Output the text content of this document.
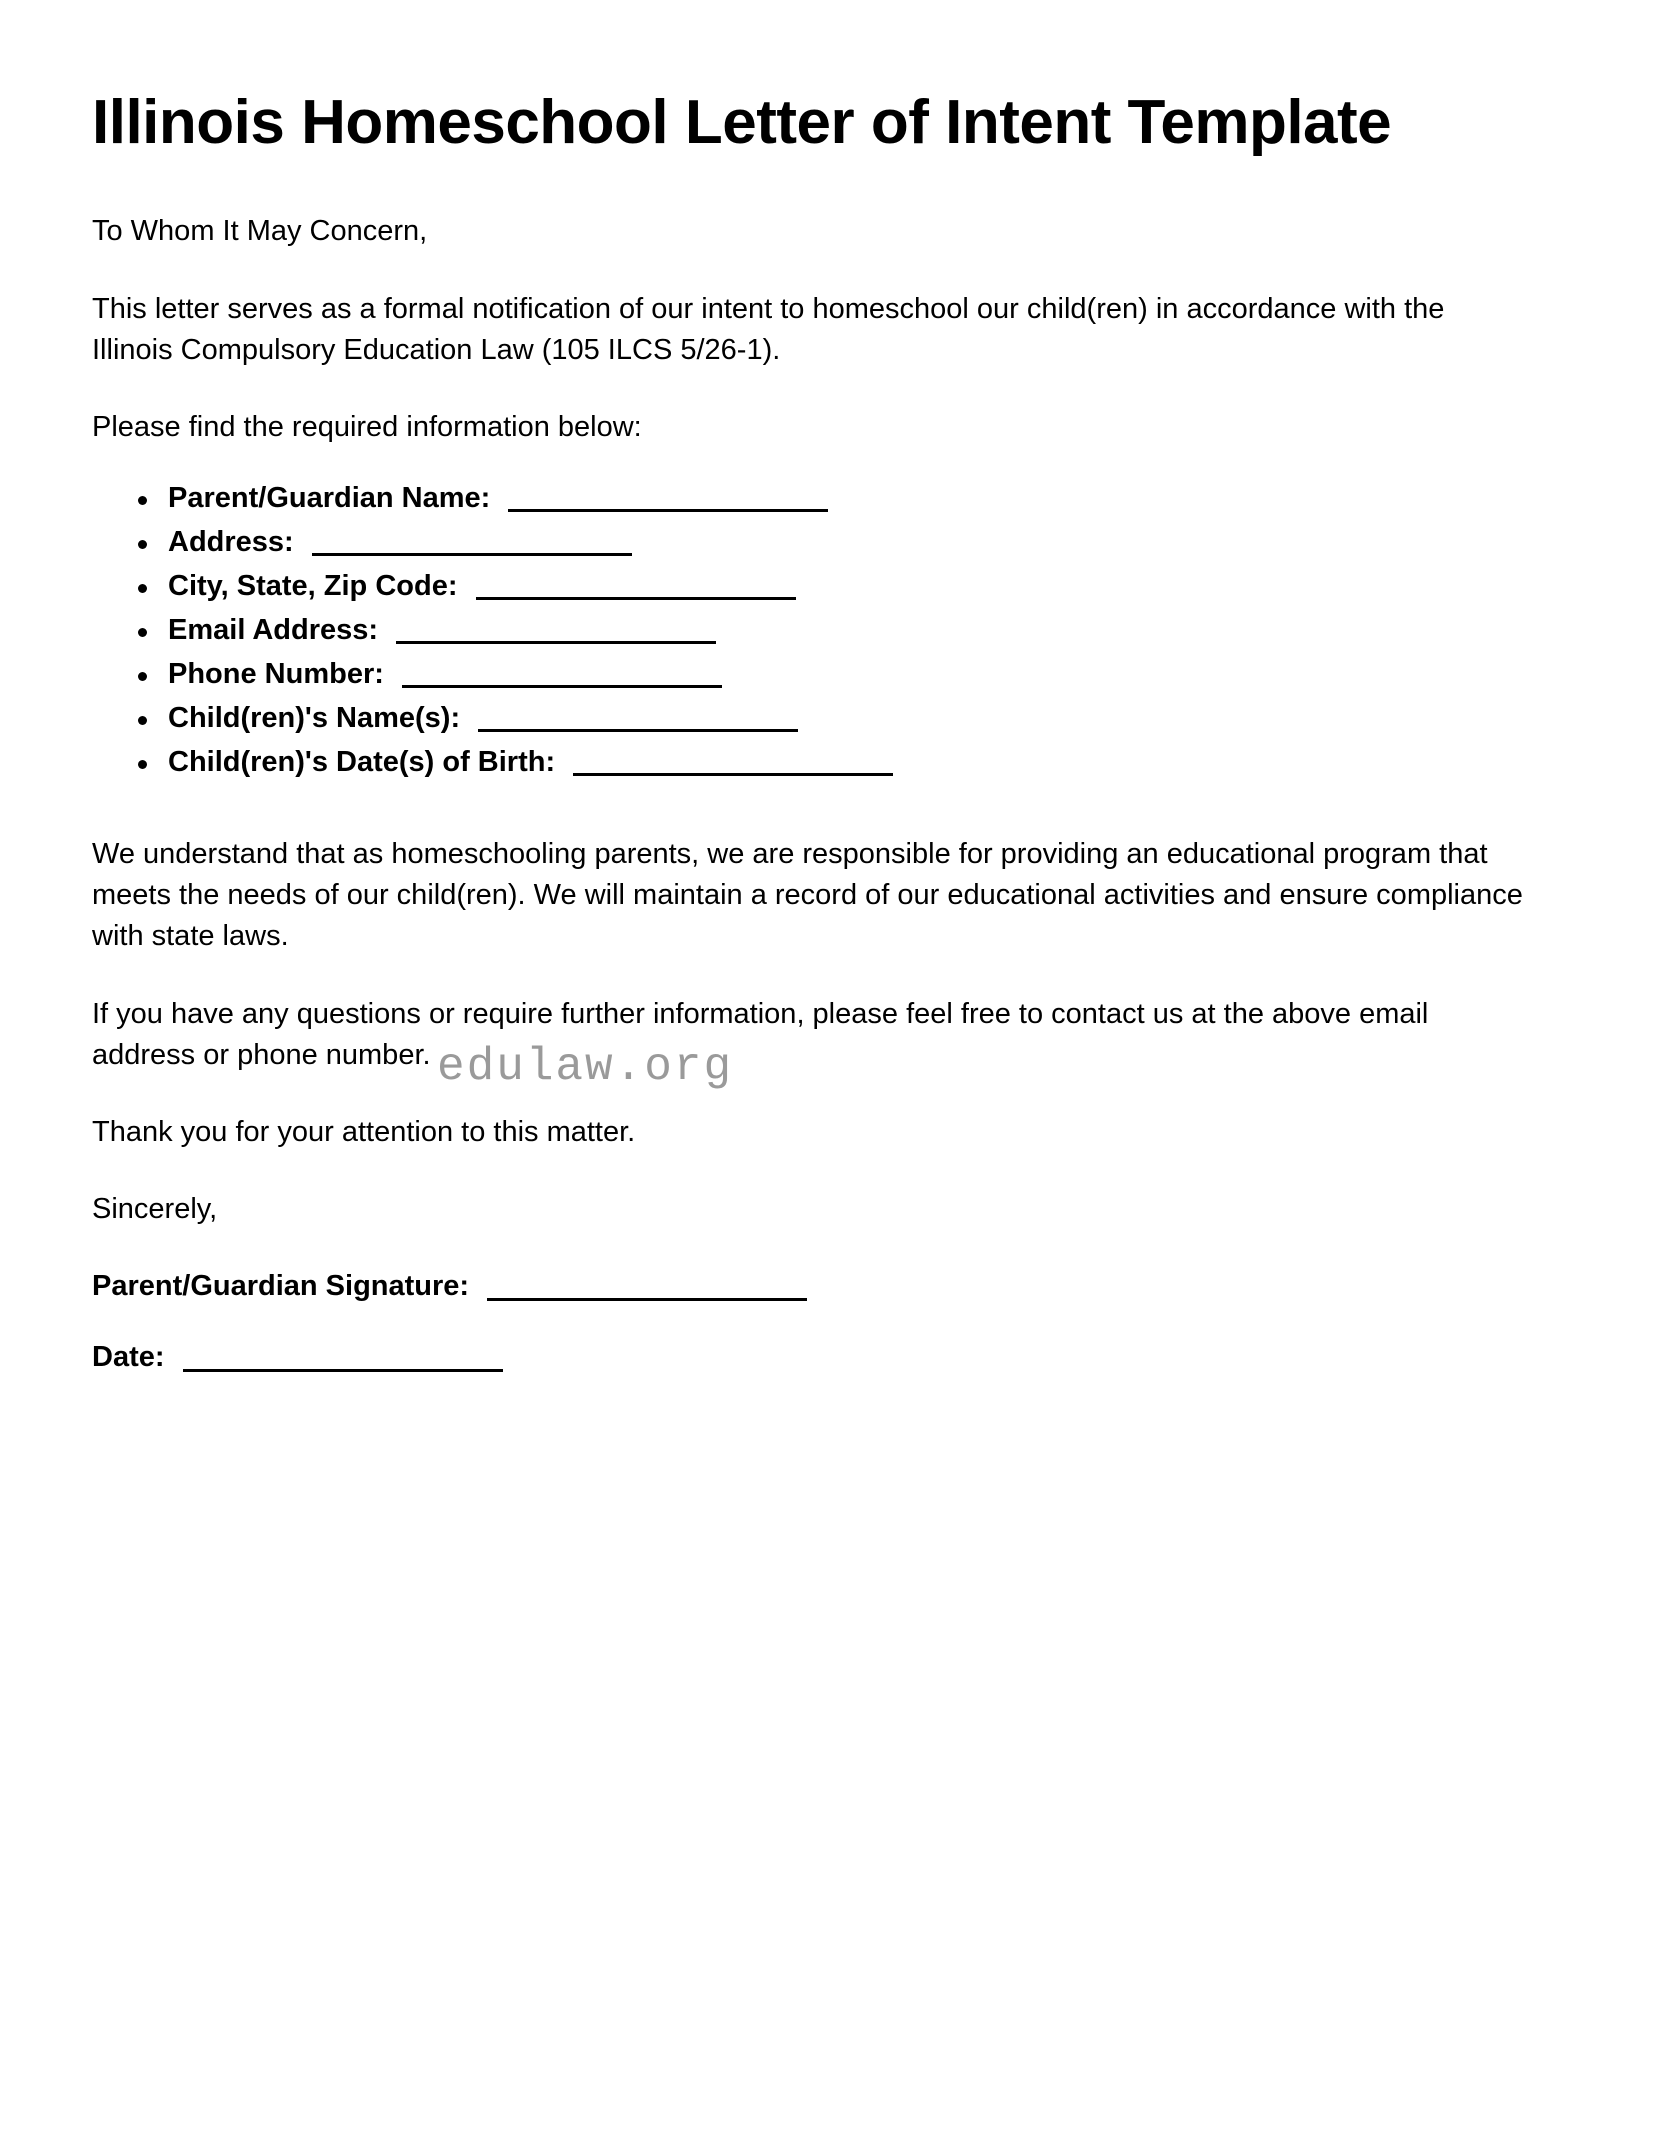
Illinois Homeschool Letter of Intent Template

To Whom It May Concern,

This letter serves as a formal notification of our intent to homeschool our child(ren) in accordance with the Illinois Compulsory Education Law (105 ILCS 5/26-1).

Please find the required information below:

Parent/Guardian Name:
Address:
City, State, Zip Code:
Email Address:
Phone Number:
Child(ren)'s Name(s):
Child(ren)'s Date(s) of Birth:

We understand that as homeschooling parents, we are responsible for providing an educational program that meets the needs of our child(ren). We will maintain a record of our educational activities and ensure compliance with state laws.

If you have any questions or require further information, please feel free to contact us at the above email address or phone number.

Thank you for your attention to this matter.

Sincerely,

Parent/Guardian Signature:
Date:
edulaw.org
